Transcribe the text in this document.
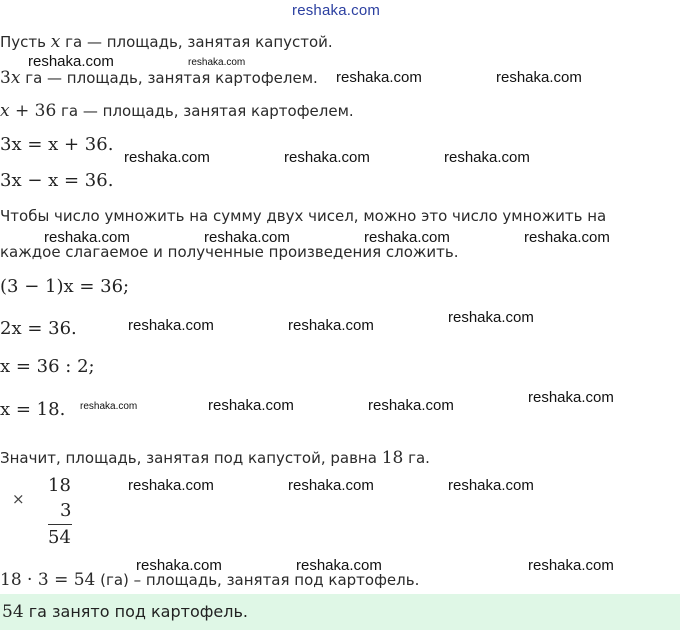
reshaka.com
Пусть x га — площадь, занятая капустой.
3x га — площадь, занятая картофелем.
x + 36 га — площадь, занятая картофелем.
3x = x + 36.
3x − x = 36.
Чтобы число умножить на сумму двух чисел, можно это число умножить на
каждое слагаемое и полученные произведения сложить.
(3 − 1)x = 36;
2x = 36.
x = 36 : 2;
x = 18.
Значит, площадь, занятая под капустой, равна 18 га.
×
18
3
54
18 · 3 = 54 (га) – площадь, занятая под картофель.
54 га занято под картофель.
reshaka.com	reshaka.com
reshaka.com	reshaka.com
reshaka.com	reshaka.com	reshaka.com
reshaka.com	reshaka.com	reshaka.com	reshaka.com
reshaka.com	reshaka.com	reshaka.com
reshaka.com	reshaka.com	reshaka.com	reshaka.com
reshaka.com	reshaka.com	reshaka.com
reshaka.com	reshaka.com	reshaka.com
